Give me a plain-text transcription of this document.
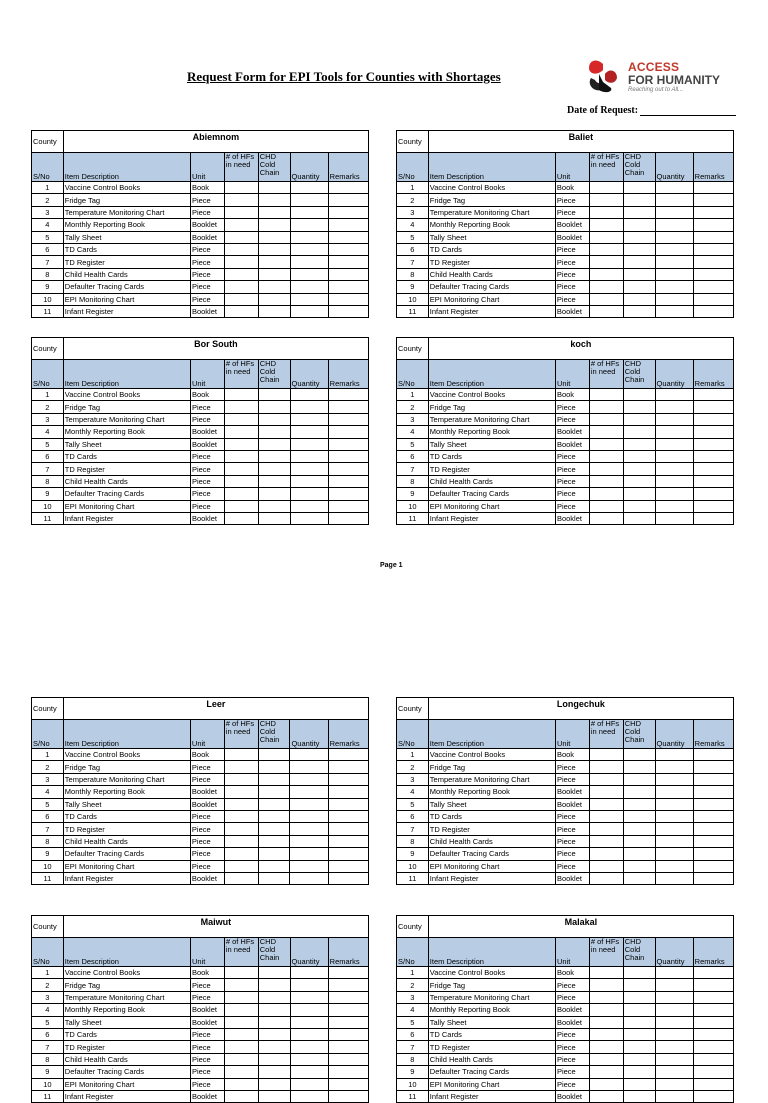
Request Form for EPI Tools for Counties with Shortages
ACCESS
FOR HUMANITY
Reaching out to All...
Date of Request:
County	Abiemnom					
S/No	Item Description	Unit	# of HFs in need	CHD Cold Chain	Quantity	Remarks
1	Vaccine Control Books	Book				
2	Fridge Tag	Piece				
3	Temperature Monitoring Chart	Piece				
4	Monthly Reporting Book	Booklet				
5	Tally Sheet	Booklet				
6	TD Cards	Piece				
7	TD Register	Piece				
8	Child Health Cards	Piece				
9	Defaulter Tracing Cards	Piece				
10	EPI Monitoring Chart	Piece				
11	Infant Register	Booklet				
County	Baliet					
S/No	Item Description	Unit	# of HFs in need	CHD Cold Chain	Quantity	Remarks
1	Vaccine Control Books	Book				
2	Fridge Tag	Piece				
3	Temperature Monitoring Chart	Piece				
4	Monthly Reporting Book	Booklet				
5	Tally Sheet	Booklet				
6	TD Cards	Piece				
7	TD Register	Piece				
8	Child Health Cards	Piece				
9	Defaulter Tracing Cards	Piece				
10	EPI Monitoring Chart	Piece				
11	Infant Register	Booklet				
County	Bor South					
S/No	Item Description	Unit	# of HFs in need	CHD Cold Chain	Quantity	Remarks
1	Vaccine Control Books	Book				
2	Fridge Tag	Piece				
3	Temperature Monitoring Chart	Piece				
4	Monthly Reporting Book	Booklet				
5	Tally Sheet	Booklet				
6	TD Cards	Piece				
7	TD Register	Piece				
8	Child Health Cards	Piece				
9	Defaulter Tracing Cards	Piece				
10	EPI Monitoring Chart	Piece				
11	Infant Register	Booklet				
County	koch					
S/No	Item Description	Unit	# of HFs in need	CHD Cold Chain	Quantity	Remarks
1	Vaccine Control Books	Book				
2	Fridge Tag	Piece				
3	Temperature Monitoring Chart	Piece				
4	Monthly Reporting Book	Booklet				
5	Tally Sheet	Booklet				
6	TD Cards	Piece				
7	TD Register	Piece				
8	Child Health Cards	Piece				
9	Defaulter Tracing Cards	Piece				
10	EPI Monitoring Chart	Piece				
11	Infant Register	Booklet				
County	Leer					
S/No	Item Description	Unit	# of HFs in need	CHD Cold Chain	Quantity	Remarks
1	Vaccine Control Books	Book				
2	Fridge Tag	Piece				
3	Temperature Monitoring Chart	Piece				
4	Monthly Reporting Book	Booklet				
5	Tally Sheet	Booklet				
6	TD Cards	Piece				
7	TD Register	Piece				
8	Child Health Cards	Piece				
9	Defaulter Tracing Cards	Piece				
10	EPI Monitoring Chart	Piece				
11	Infant Register	Booklet				
County	Longechuk					
S/No	Item Description	Unit	# of HFs in need	CHD Cold Chain	Quantity	Remarks
1	Vaccine Control Books	Book				
2	Fridge Tag	Piece				
3	Temperature Monitoring Chart	Piece				
4	Monthly Reporting Book	Booklet				
5	Tally Sheet	Booklet				
6	TD Cards	Piece				
7	TD Register	Piece				
8	Child Health Cards	Piece				
9	Defaulter Tracing Cards	Piece				
10	EPI Monitoring Chart	Piece				
11	Infant Register	Booklet				
County	Maiwut					
S/No	Item Description	Unit	# of HFs in need	CHD Cold Chain	Quantity	Remarks
1	Vaccine Control Books	Book				
2	Fridge Tag	Piece				
3	Temperature Monitoring Chart	Piece				
4	Monthly Reporting Book	Booklet				
5	Tally Sheet	Booklet				
6	TD Cards	Piece				
7	TD Register	Piece				
8	Child Health Cards	Piece				
9	Defaulter Tracing Cards	Piece				
10	EPI Monitoring Chart	Piece				
11	Infant Register	Booklet				
County	Malakal					
S/No	Item Description	Unit	# of HFs in need	CHD Cold Chain	Quantity	Remarks
1	Vaccine Control Books	Book				
2	Fridge Tag	Piece				
3	Temperature Monitoring Chart	Piece				
4	Monthly Reporting Book	Booklet				
5	Tally Sheet	Booklet				
6	TD Cards	Piece				
7	TD Register	Piece				
8	Child Health Cards	Piece				
9	Defaulter Tracing Cards	Piece				
10	EPI Monitoring Chart	Piece				
11	Infant Register	Booklet				
Page 1
